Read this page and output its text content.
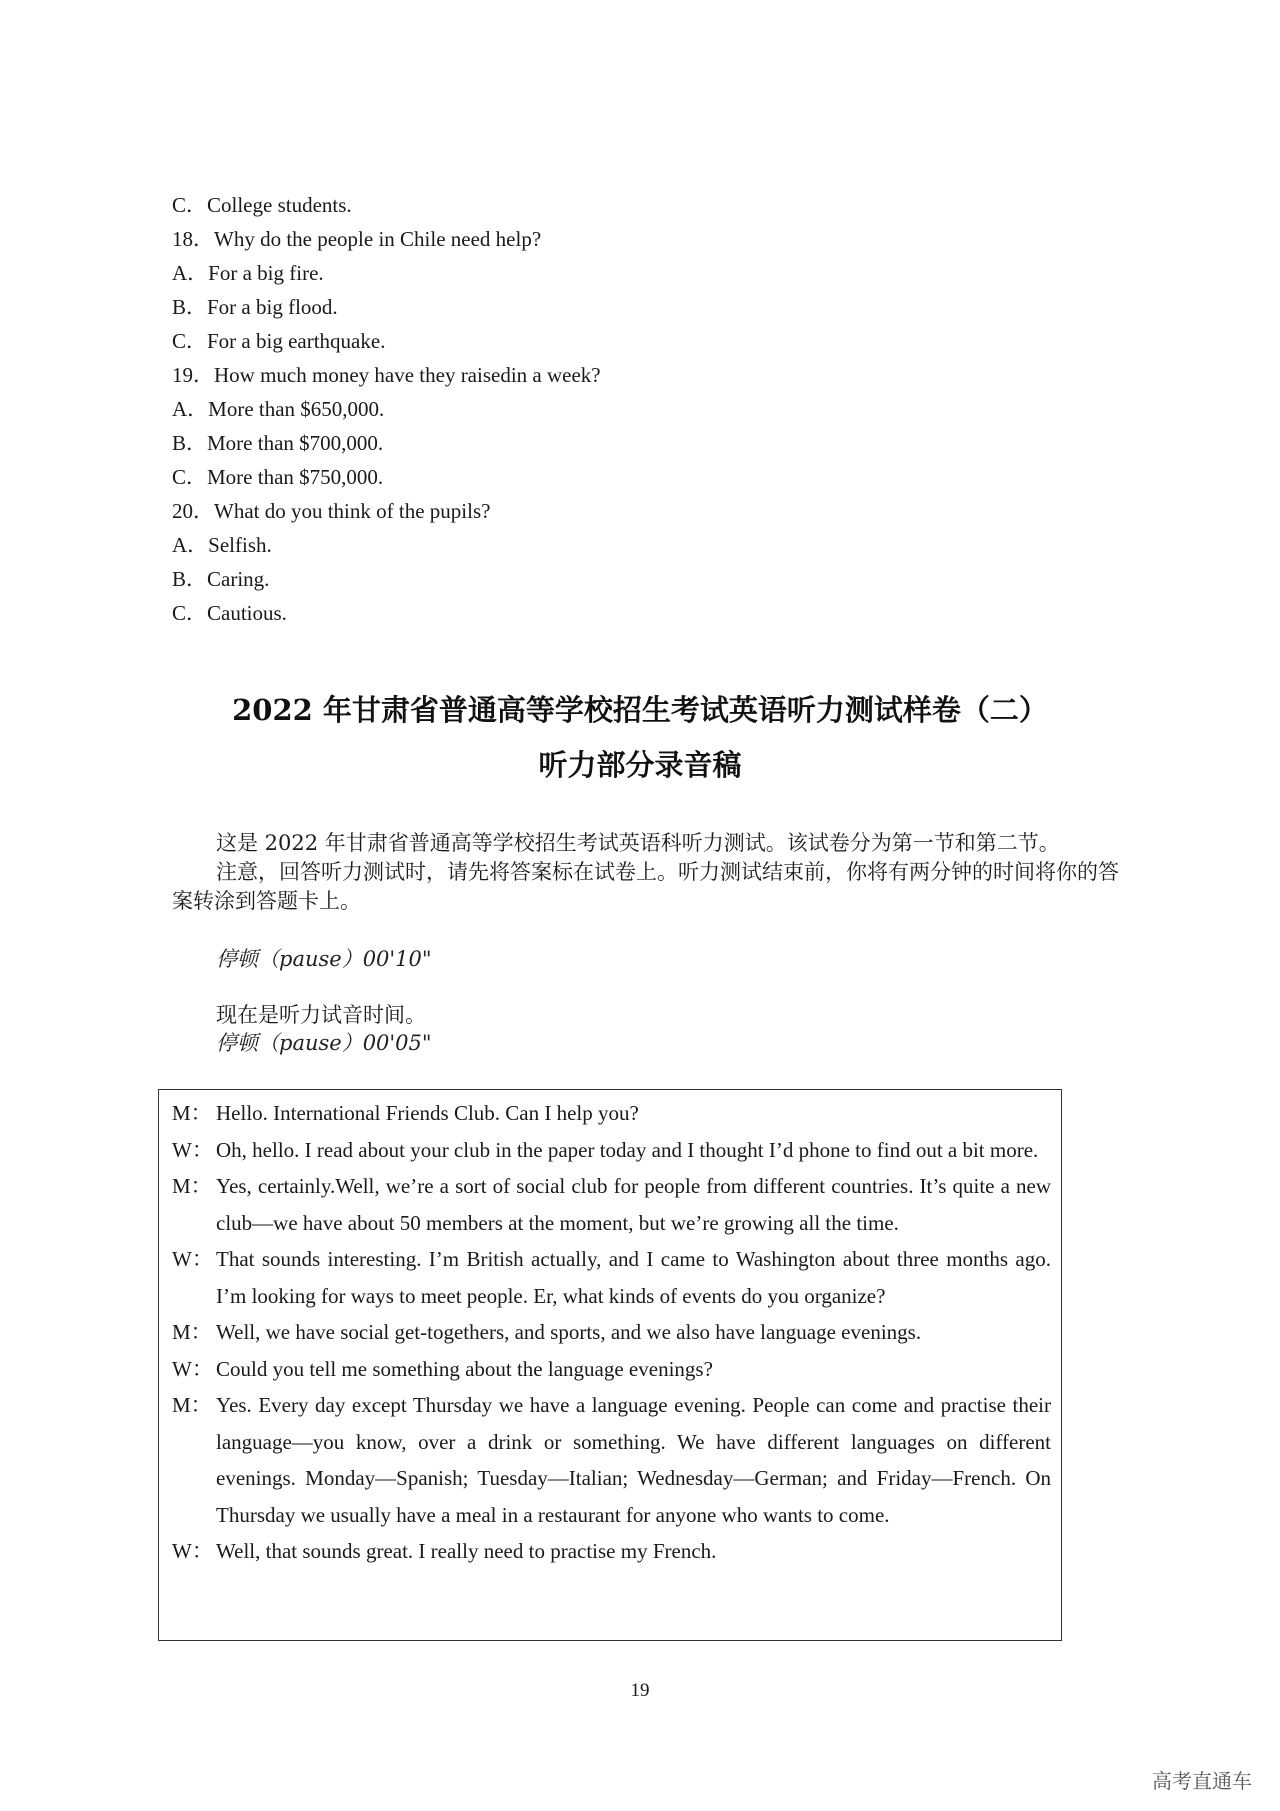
C．College students.
18．Why do the people in Chile need help?
A．For a big fire.
B．For a big flood.
C．For a big earthquake.
19．How much money have they raisedin a week?
A．More than $650,000.
B．More than $700,000.
C．More than $750,000.
20．What do you think of the pupils?
A．Selfish.
B．Caring.
C．Cautious.
2022 年甘肃省普通高等学校招生考试英语听力测试样卷（二）
听力部分录音稿
这是 2022 年甘肃省普通高等学校招生考试英语科听力测试。该试卷分为第一节和第二节。
注意，回答听力测试时，请先将答案标在试卷上。听力测试结束前，你将有两分钟的时间将你的答案转涂到答题卡上。
停顿（pause）00'10"
现在是听力试音时间。
停顿（pause）00'05"
M： Hello. International Friends Club. Can I help you?
W： Oh, hello. I read about your club in the paper today and I thought I’d phone to find out a bit more.
M： Yes, certainly.Well, we’re a sort of social club for people from different countries. It’s quite a new club—we have about 50 members at the moment, but we’re growing all the time.
W： That sounds interesting. I’m British actually, and I came to Washington about three months ago. I’m looking for ways to meet people. Er, what kinds of events do you organize?
M： Well, we have social get-togethers, and sports, and we also have language evenings.
W： Could you tell me something about the language evenings?
M： Yes. Every day except Thursday we have a language evening. People can come and practise their language—you know, over a drink or something. We have different languages on different evenings. Monday—Spanish; Tuesday—Italian; Wednesday—German; and Friday—French. On Thursday we usually have a meal in a restaurant for anyone who wants to come.
W： Well, that sounds great. I really need to practise my French.
19
高考直通车
